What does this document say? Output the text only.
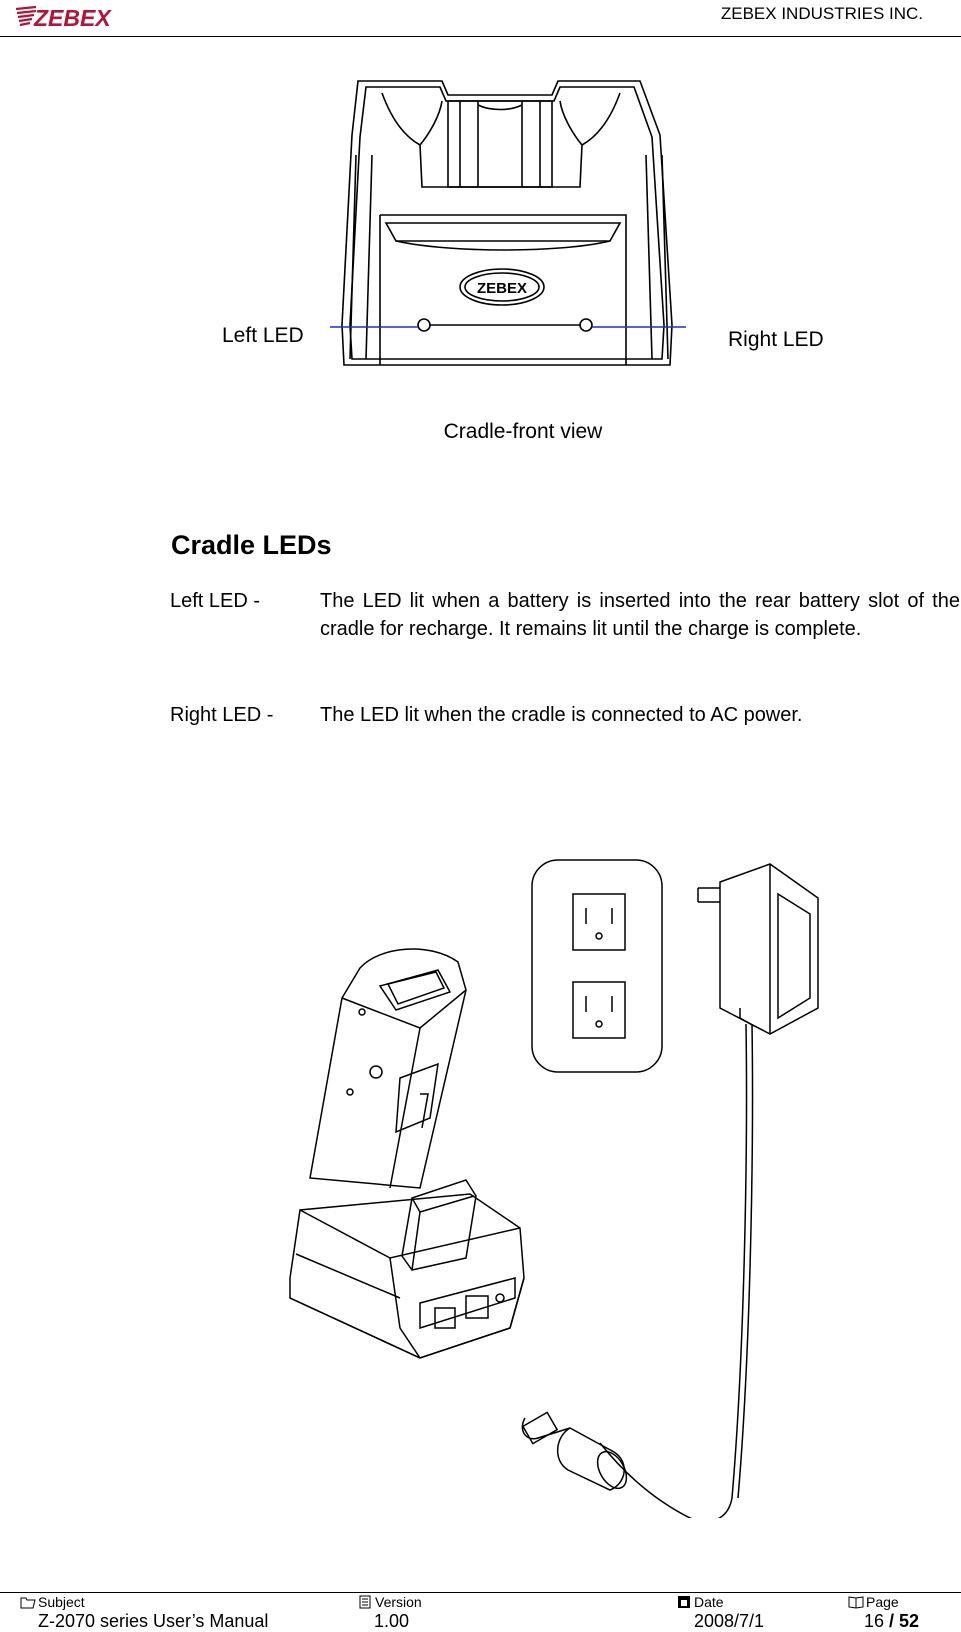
ZEBEX	ZEBEX INDUSTRIES INC.
ZEBEX
Left LED	Right LED
Cradle-front view
Cradle LEDs
Left LED -	The LED lit when a battery is inserted into the rear battery slot of the cradle for recharge. It remains lit until the charge is complete.
Right LED - The LED lit when the cradle is connected to AC power.
Subject	Version	Date	Page
Z-2070 series User’s Manual	1.00	2008/7/1	16 / 52
